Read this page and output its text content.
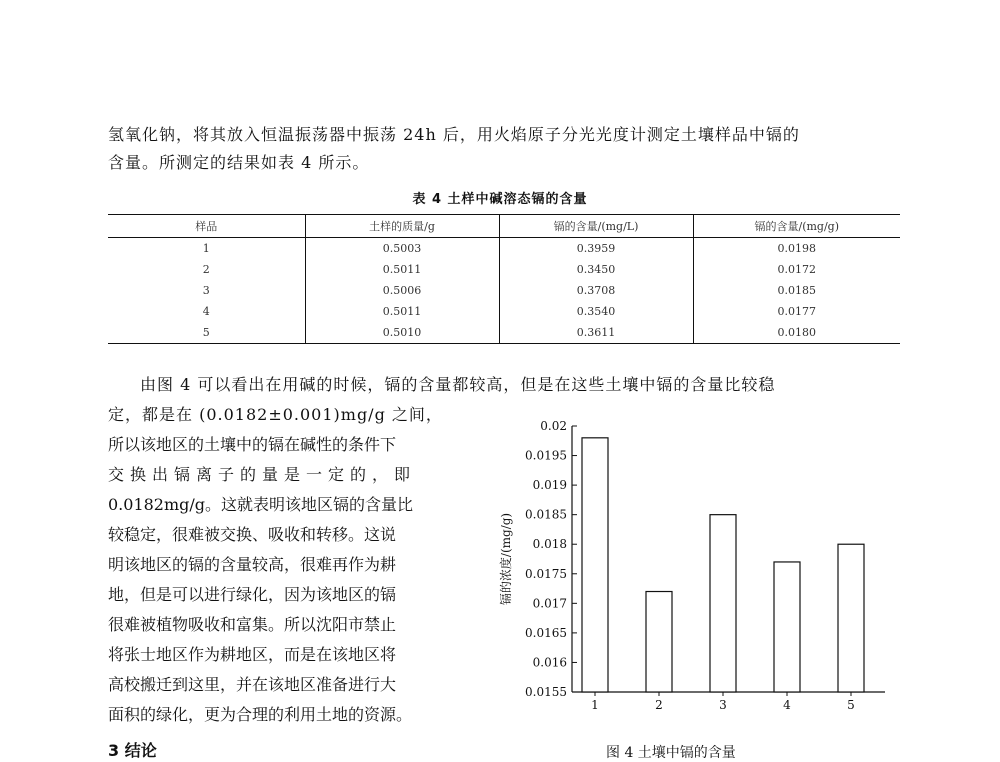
氢氧化钠，将其放入恒温振荡器中振荡 24h 后，用火焰原子分光光度计测定土壤样品中镉的
含量。所测定的结果如表 4 所示。
表 4 土样中碱溶态镉的含量
样品	土样的质量/g	镉的含量/(mg/L)	镉的含量/(mg/g)
1	0.5003	0.3959	0.0198
2	0.5011	0.3450	0.0172
3	0.5006	0.3708	0.0185
4	0.5011	0.3540	0.0177
5	0.5010	0.3611	0.0180
由图 4 可以看出在用碱的时候，镉的含量都较高，但是在这些土壤中镉的含量比较稳
定，都是在 (0.0182±0.001)mg/g 之间，
所以该地区的土壤中的镉在碱性的条件下
交换出镉离子的量是一定的，即
0.0182mg/g。这就表明该地区镉的含量比
较稳定，很难被交换、吸收和转移。这说
明该地区的镉的含量较高，很难再作为耕
地，但是可以进行绿化，因为该地区的镉
很难被植物吸收和富集。所以沈阳市禁止
将张士地区作为耕地区，而是在该地区将
高校搬迁到这里，并在该地区准备进行大
面积的绿化，更为合理的利用土地的资源。
3 结论
0.0155
0.016
0.0165
0.017
0.0175
0.018
0.0185
0.019
0.0195
0.02
1	2	3	4	5
镉的浓度/(mg/g)
图 4 土壤中镉的含量
